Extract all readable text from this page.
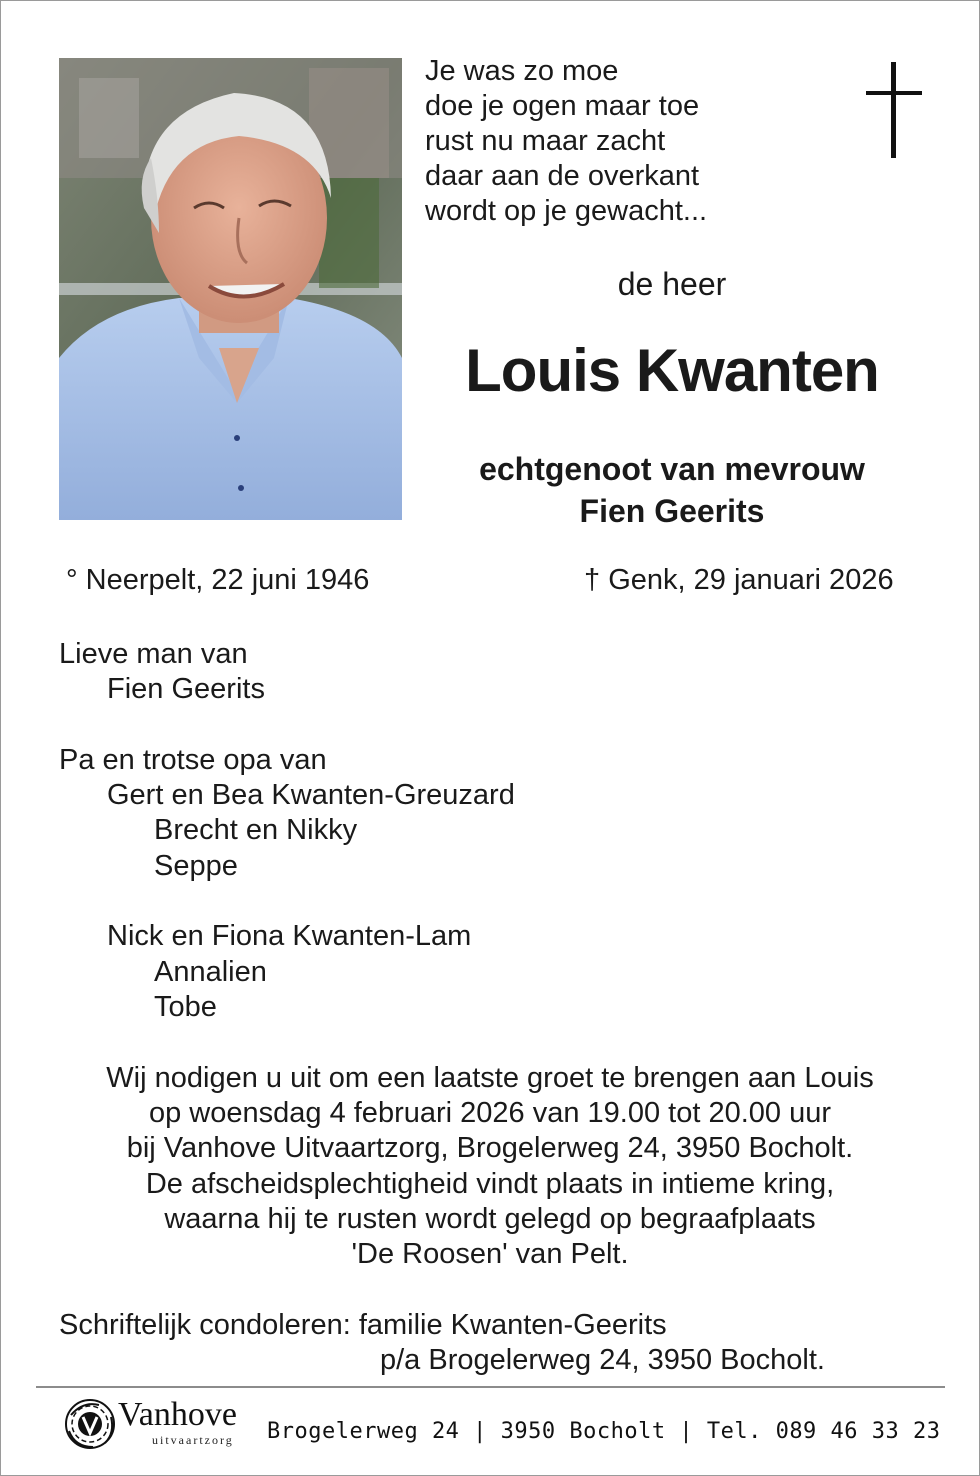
Je was zo moe
doe je ogen maar toe
rust nu maar zacht
daar aan de overkant
wordt op je gewacht...
de heer
Louis Kwanten
echtgenoot van mevrouw
Fien Geerits
° Neerpelt, 22 juni 1946	† Genk, 29 januari 2026
Lieve man van
Fien Geerits
Pa en trotse opa van
Gert en Bea Kwanten-Greuzard
Brecht en Nikky
Seppe
Nick en Fiona Kwanten-Lam
Annalien
Tobe
Wij nodigen u uit om een laatste groet te brengen aan Louis
op woensdag 4 februari 2026 van 19.00 tot 20.00 uur
bij Vanhove Uitvaartzorg, Brogelerweg 24, 3950 Bocholt.
De afscheidsplechtigheid vindt plaats in intieme kring,
waarna hij te rusten wordt gelegd op begraafplaats
'De Roosen' van Pelt.
Schriftelijk condoleren: familie Kwanten-Geerits
p/a Brogelerweg 24, 3950 Bocholt.
Vanhove
uitvaartzorg Brogelerweg 24 | 3950 Bocholt | Tel. 089 46 33 23
